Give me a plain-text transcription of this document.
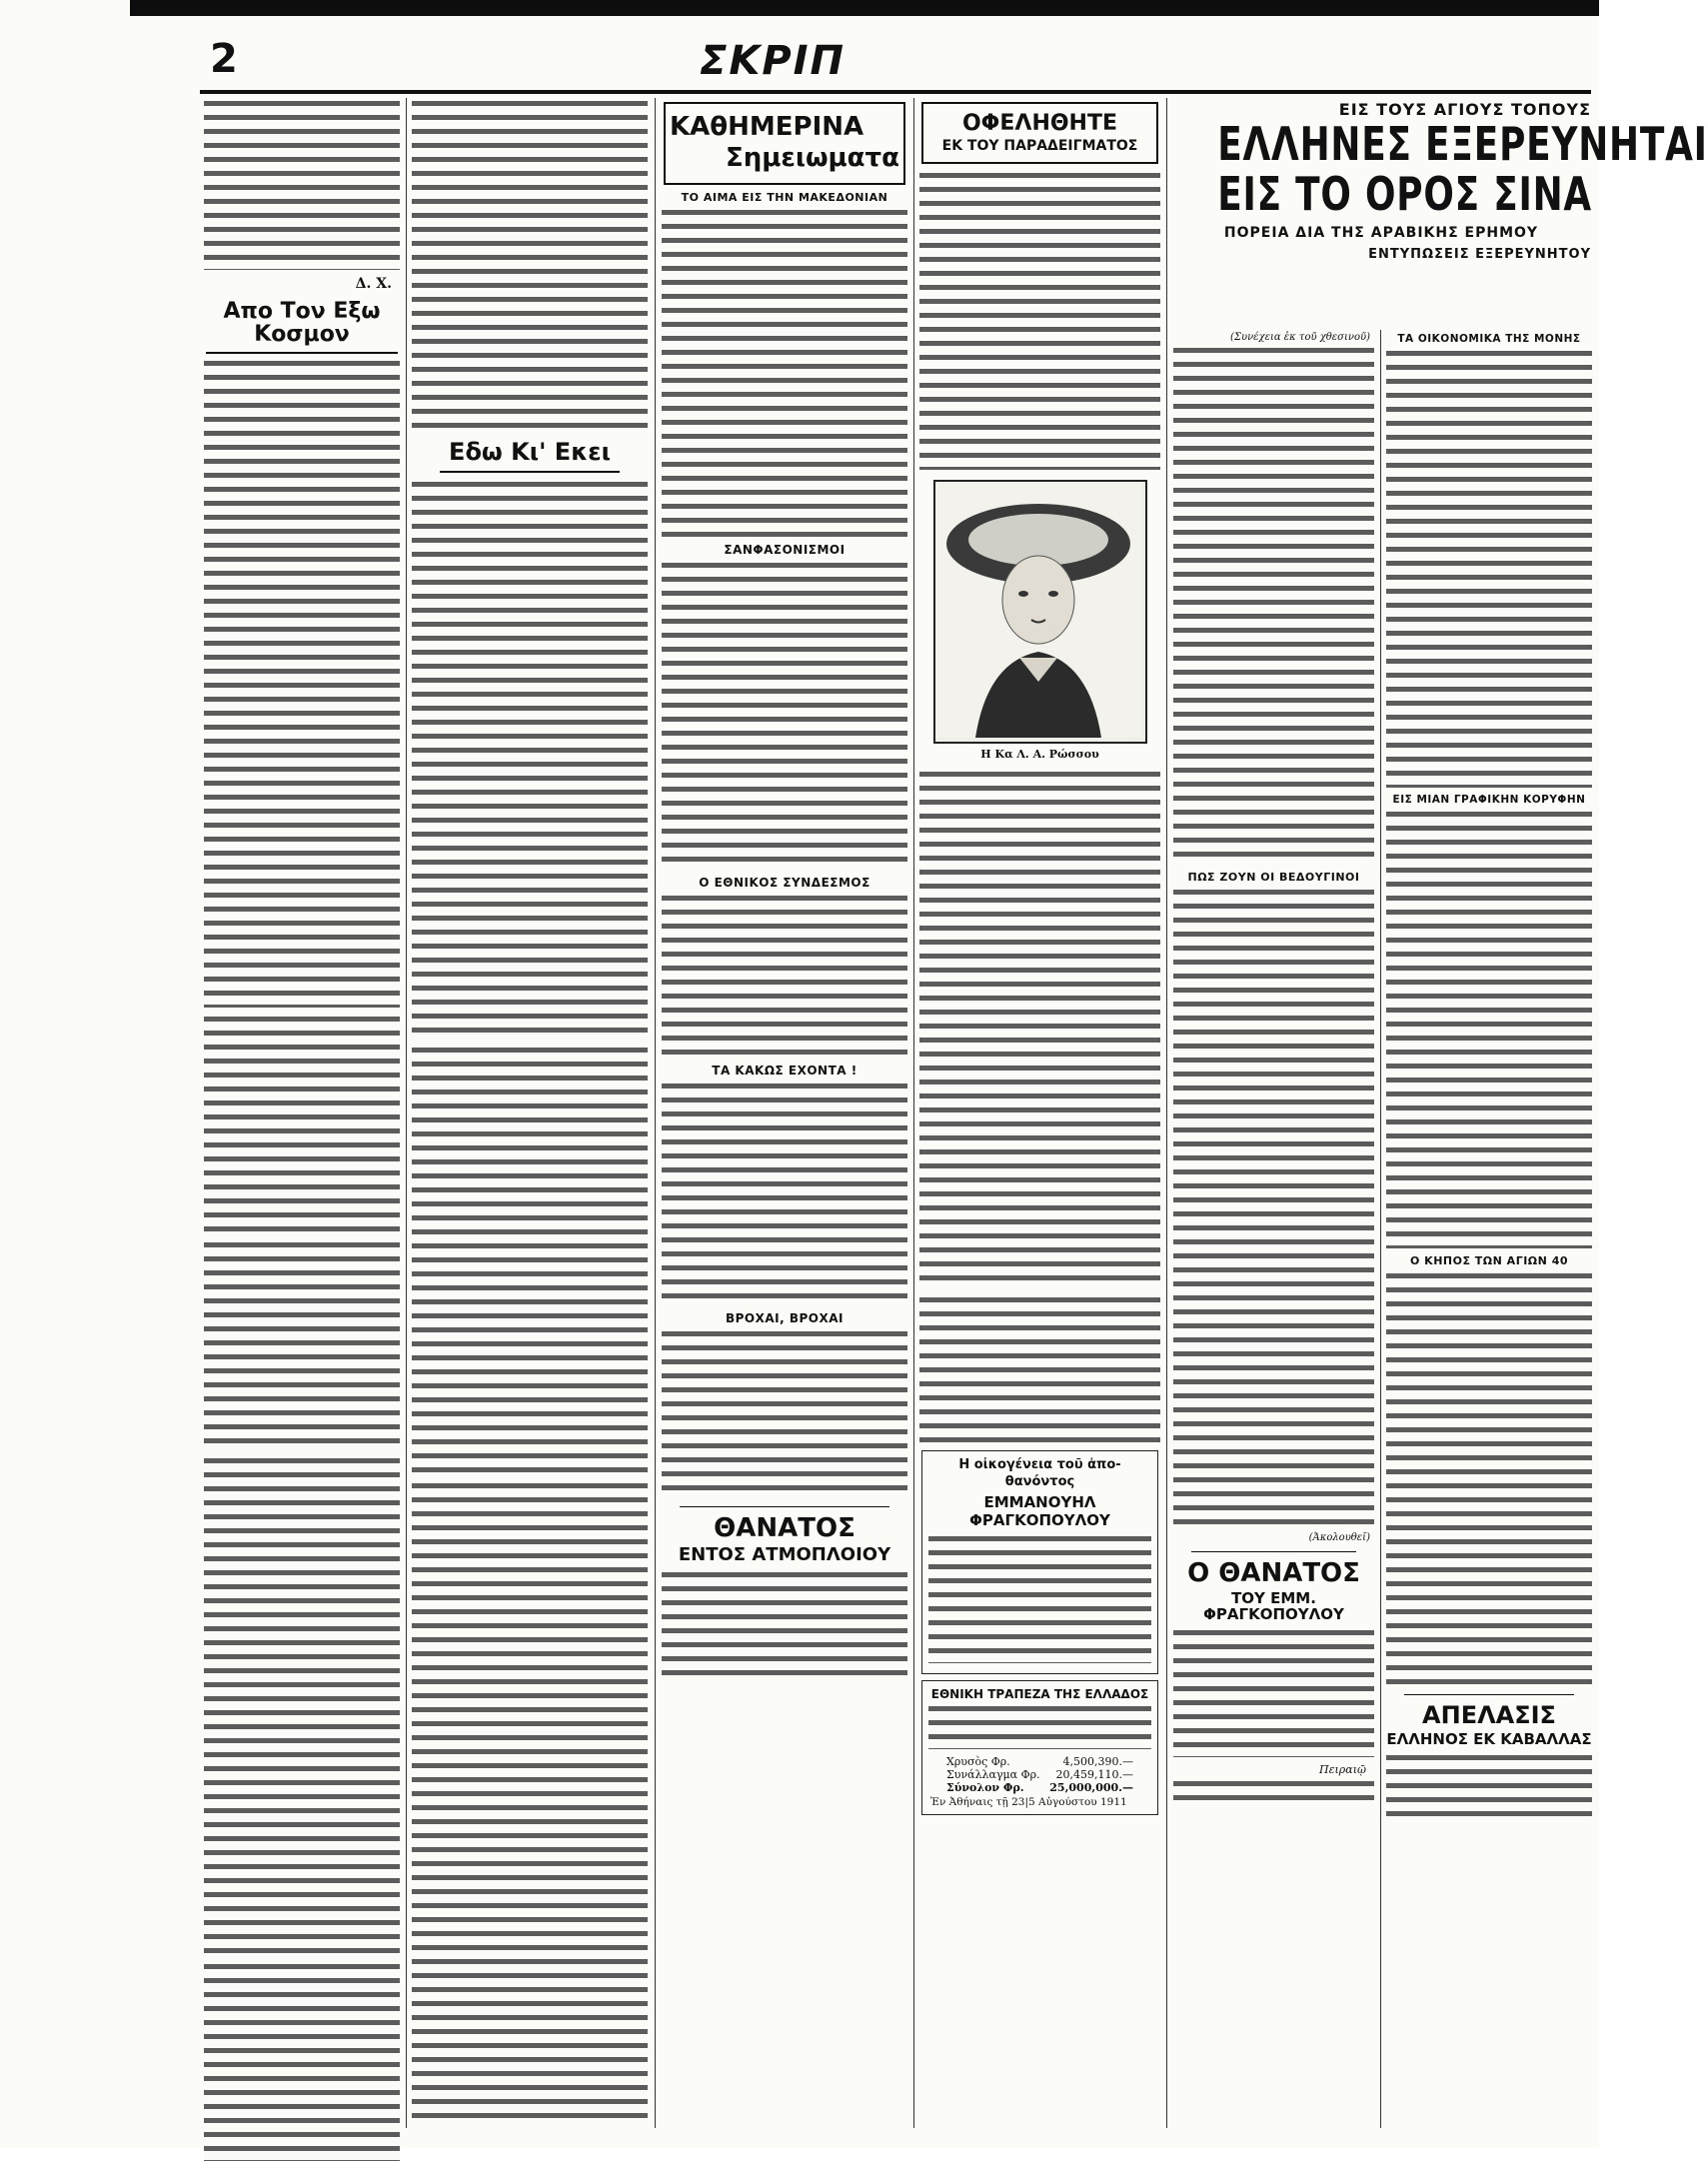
2	ΣΚΡΙΠ
Δ. Χ.
Απο Τον Εξω Κοσμον
Εδω Κι' Εκει
ΚΑθΗΜΕΡΙΝΑ
Σημειωματα
ΤΟ ΑΙΜΑ ΕΙΣ ΤΗΝ ΜΑΚΕΔΟΝΙΑΝ
ΣΑΝΦΑΣΟΝΙΣΜΟΙ
Ο ΕΘΝΙΚΟΣ ΣΥΝΔΕΣΜΟΣ
ΤΑ ΚΑΚΩΣ ΕΧΟΝΤΑ !
ΒΡΟΧΑΙ, ΒΡΟΧΑΙ
ΘΑΝΑΤΟΣ
ΕΝΤΟΣ ΑΤΜΟΠΛΟΙΟΥ
ΟΦΕΛΗΘΗΤΕ
ΕΚ ΤΟΥ ΠΑΡΑΔΕΙΓΜΑΤΟΣ
Η Κα Λ. Α. Ρώσσου
Η οἰκογένεια τοῦ ἀπο-
θανόντος
ΕΜΜΑΝΟΥΗΛ ΦΡΑΓΚΟΠΟΥΛΟΥ
ΕΘΝΙΚΗ ΤΡΑΠΕΖΑ ΤΗΣ ΕΛΛΑΔΟΣ
Χρυσὸς Φρ.	4,500,390.—
Συνάλλαγμα Φρ. 20,459,110.—
Σύνολον Φρ. 25,000,000.—
Ἐν Ἀθήναις τῇ 23|5 Αὐγούστου 1911
ΕΙΣ ΤΟΥΣ ΑΓΙΟΥΣ ΤΟΠΟΥΣ
ΕΛΛΗΝΕΣ ΕΞΕΡΕΥΝΗΤΑΙ
ΕΙΣ ΤΟ ΟΡΟΣ ΣΙΝΑ
ΠΟΡΕΙΑ ΔΙΑ ΤΗΣ ΑΡΑΒΙΚΗΣ ΕΡΗΜΟΥ
ΕΝΤΥΠΩΣΕΙΣ ΕΞΕΡΕΥΝΗΤΟΥ
(Συνέχεια ἐκ τοῦ χθεσινοῦ)
ΠΩΣ ΖΟΥΝ ΟΙ ΒΕΔΟΥΓΙΝΟΙ
(Ἀκολουθεῖ)
Ο ΘΑΝΑΤΟΣ
ΤΟΥ ΕΜΜ. ΦΡΑΓΚΟΠΟΥΛΟΥ
Πειραιῷ
ΤΑ ΟΙΚΟΝΟΜΙΚΑ ΤΗΣ ΜΟΝΗΣ
ΕΙΣ ΜΙΑΝ ΓΡΑΦΙΚΗΝ ΚΟΡΥΦΗΝ
Ο ΚΗΠΟΣ ΤΩΝ ΑΓΙΩΝ 40
ΑΠΕΛΑΣΙΣ
ΕΛΛΗΝΟΣ ΕΚ ΚΑΒΑΛΛΑΣ
